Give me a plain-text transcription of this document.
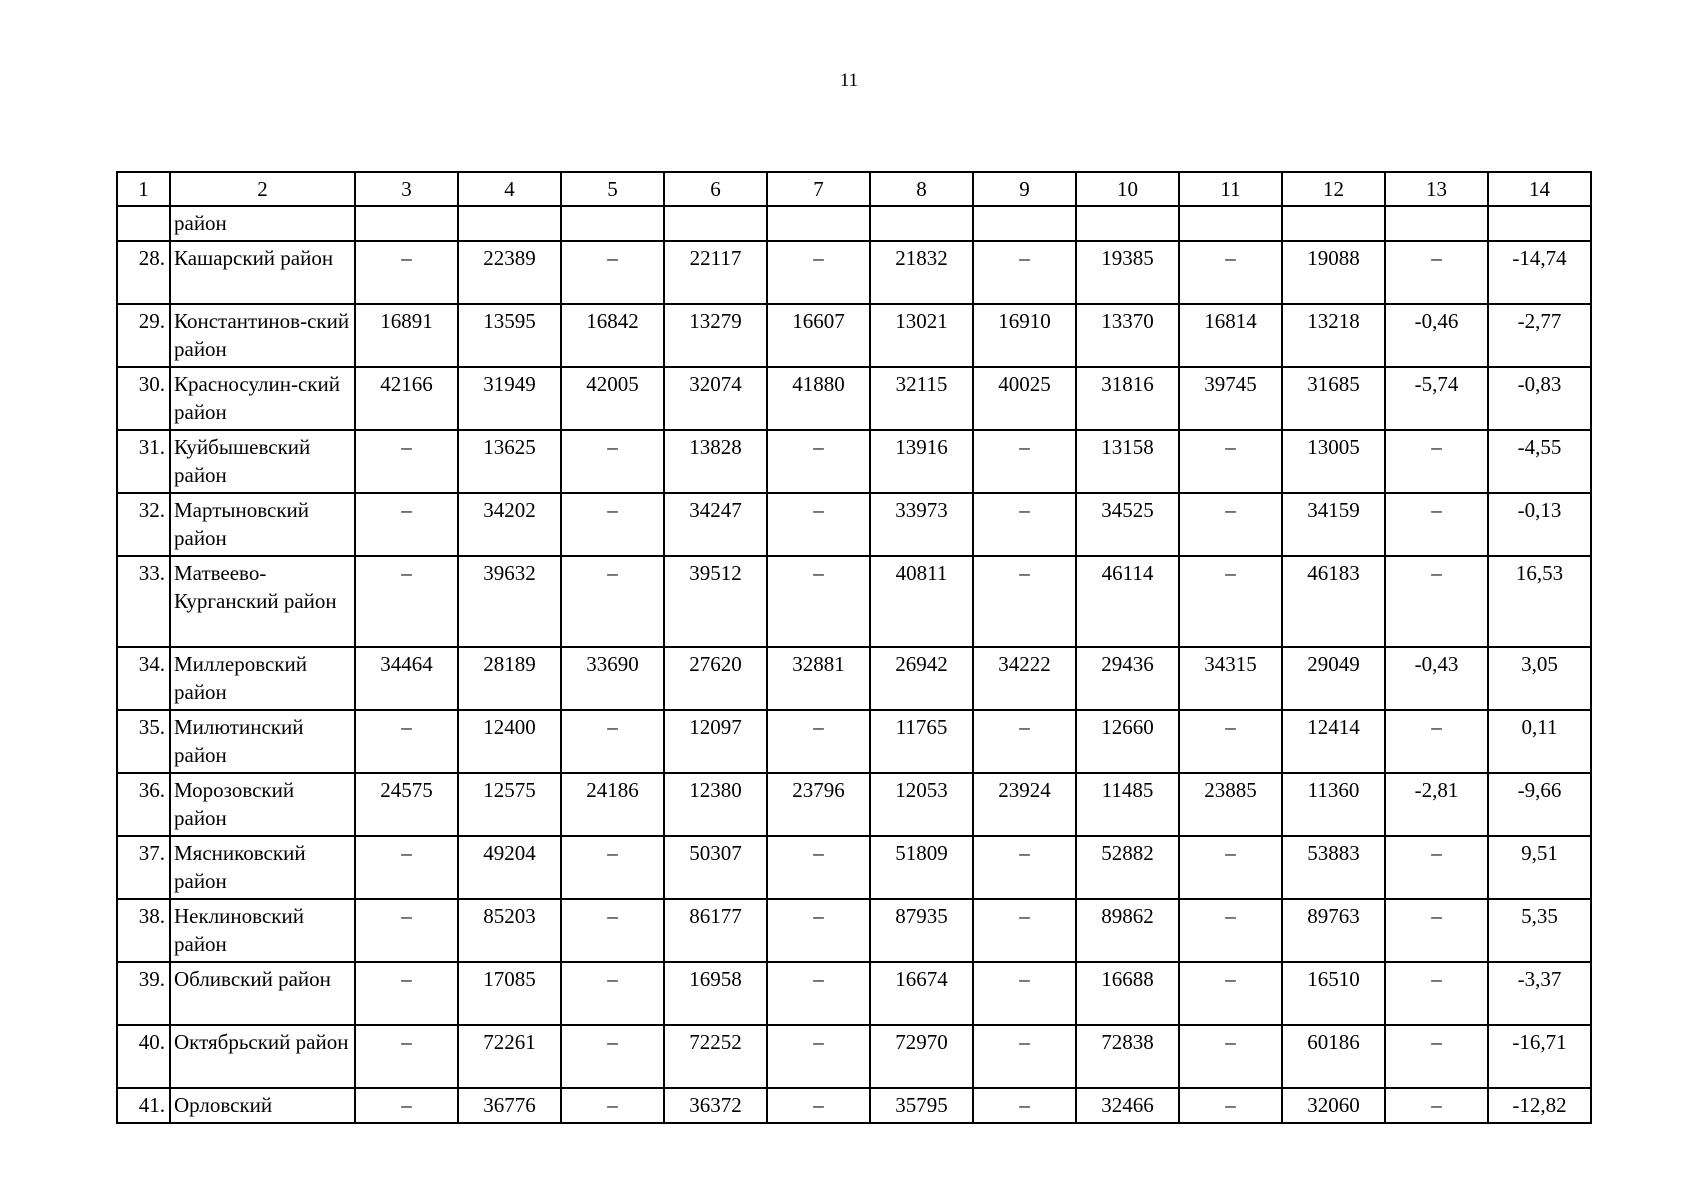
11
1	2	3	4	5	6	7	8	9	10	11	12	13	14
	район												
28.	Кашарский район	–	22389	–	22117	–	21832	–	19385	–	19088	–	-14,74
29.	Константинов-ский район	16891	13595	16842	13279	16607	13021	16910	13370	16814	13218	-0,46	-2,77
30.	Красносулин-ский район	42166	31949	42005	32074	41880	32115	40025	31816	39745	31685	-5,74	-0,83
31.	Куйбышевский район	–	13625	–	13828	–	13916	–	13158	–	13005	–	-4,55
32.	Мартыновский район	–	34202	–	34247	–	33973	–	34525	–	34159	–	-0,13
33.	Матвеево-Курганский район	–	39632	–	39512	–	40811	–	46114	–	46183	–	16,53
34.	Миллеровский район	34464	28189	33690	27620	32881	26942	34222	29436	34315	29049	-0,43	3,05
35.	Милютинский район	–	12400	–	12097	–	11765	–	12660	–	12414	–	0,11
36.	Морозовский район	24575	12575	24186	12380	23796	12053	23924	11485	23885	11360	-2,81	-9,66
37.	Мясниковский район	–	49204	–	50307	–	51809	–	52882	–	53883	–	9,51
38.	Неклиновский район	–	85203	–	86177	–	87935	–	89862	–	89763	–	5,35
39.	Обливский район	–	17085	–	16958	–	16674	–	16688	–	16510	–	-3,37
40.	Октябрьский район	–	72261	–	72252	–	72970	–	72838	–	60186	–	-16,71
41.	Орловский	–	36776	–	36372	–	35795	–	32466	–	32060	–	-12,82
